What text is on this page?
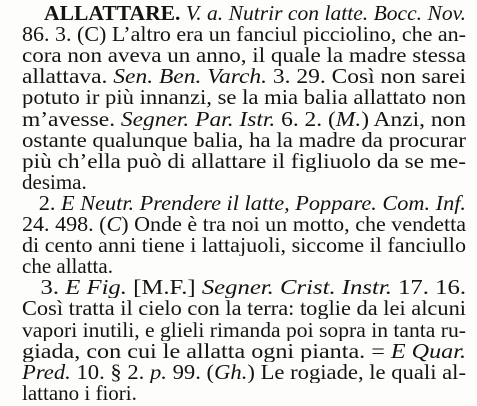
ALLATTARE. V. a. Nutrir con latte. Bocc. Nov.
86. 3. (C) L’altro era un fanciul picciolino, che an-
cora non aveva un anno, il quale la madre stessa
allattava. Sen. Ben. Varch. 3. 29. Così non sarei
potuto ir più innanzi, se la mia balia allattato non
m’avesse. Segner. Par. Istr. 6. 2. (M.) Anzi, non
ostante qualunque balia, ha la madre da procurar
più ch’ella può di allattare il figliuolo da se me-
desima.
2. E Neutr. Prendere il latte, Poppare. Com. Inf.
24. 498. (C) Onde è tra noi un motto, che vendetta
di cento anni tiene i lattajuoli, siccome il fanciullo
che allatta.
3. E Fig. [M.F.] Segner. Crist. Instr. 17. 16.
Così tratta il cielo con la terra: toglie da lei alcuni
vapori inutili, e glieli rimanda poi sopra in tanta ru-
giada, con cui le allatta ogni pianta. = E Quar.
Pred. 10. § 2. p. 99. (Gh.) Le rogiade, le quali al-
lattano i fiori.
